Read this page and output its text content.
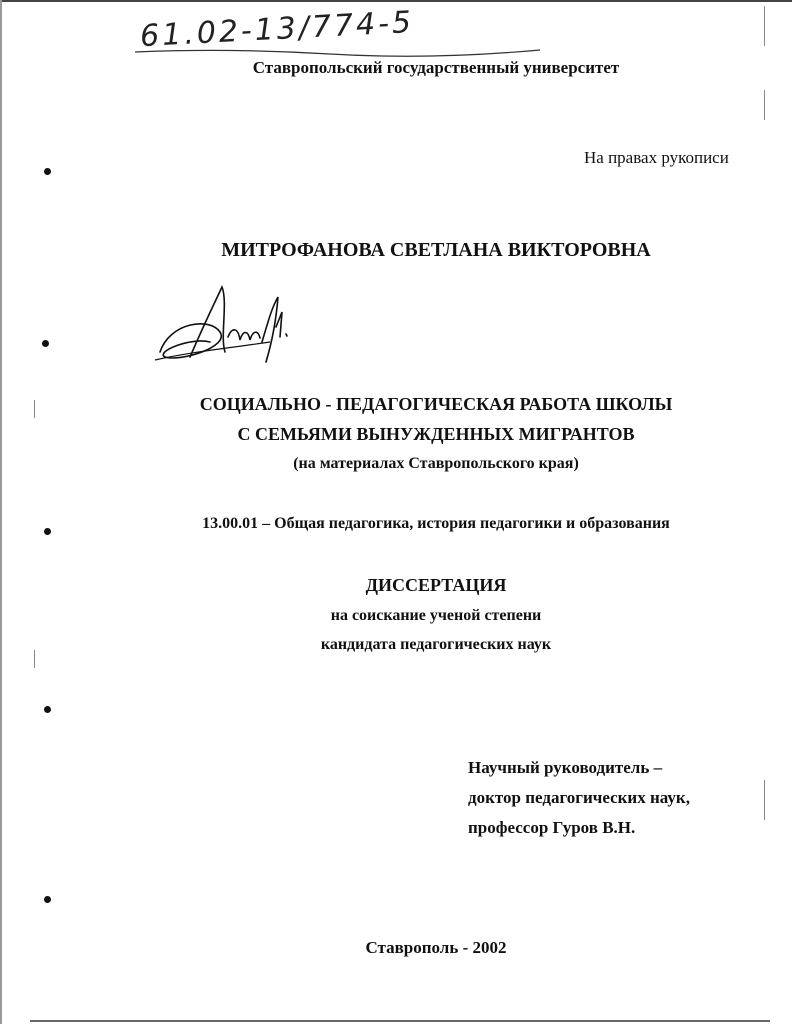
61.02-13/774-5
Ставропольский государственный университет
На правах рукописи
МИТРОФАНОВА СВЕТЛАНА ВИКТОРОВНА
СОЦИАЛЬНО - ПЕДАГОГИЧЕСКАЯ РАБОТА ШКОЛЫ
С СЕМЬЯМИ ВЫНУЖДЕННЫХ МИГРАНТОВ
(на материалах Ставропольского края)
13.00.01 – Общая педагогика, история педагогики и образования
ДИССЕРТАЦИЯ
на соискание ученой степени
кандидата педагогических наук
Научный руководитель –
доктор педагогических наук,
профессор Гуров В.Н.
Ставрополь - 2002
